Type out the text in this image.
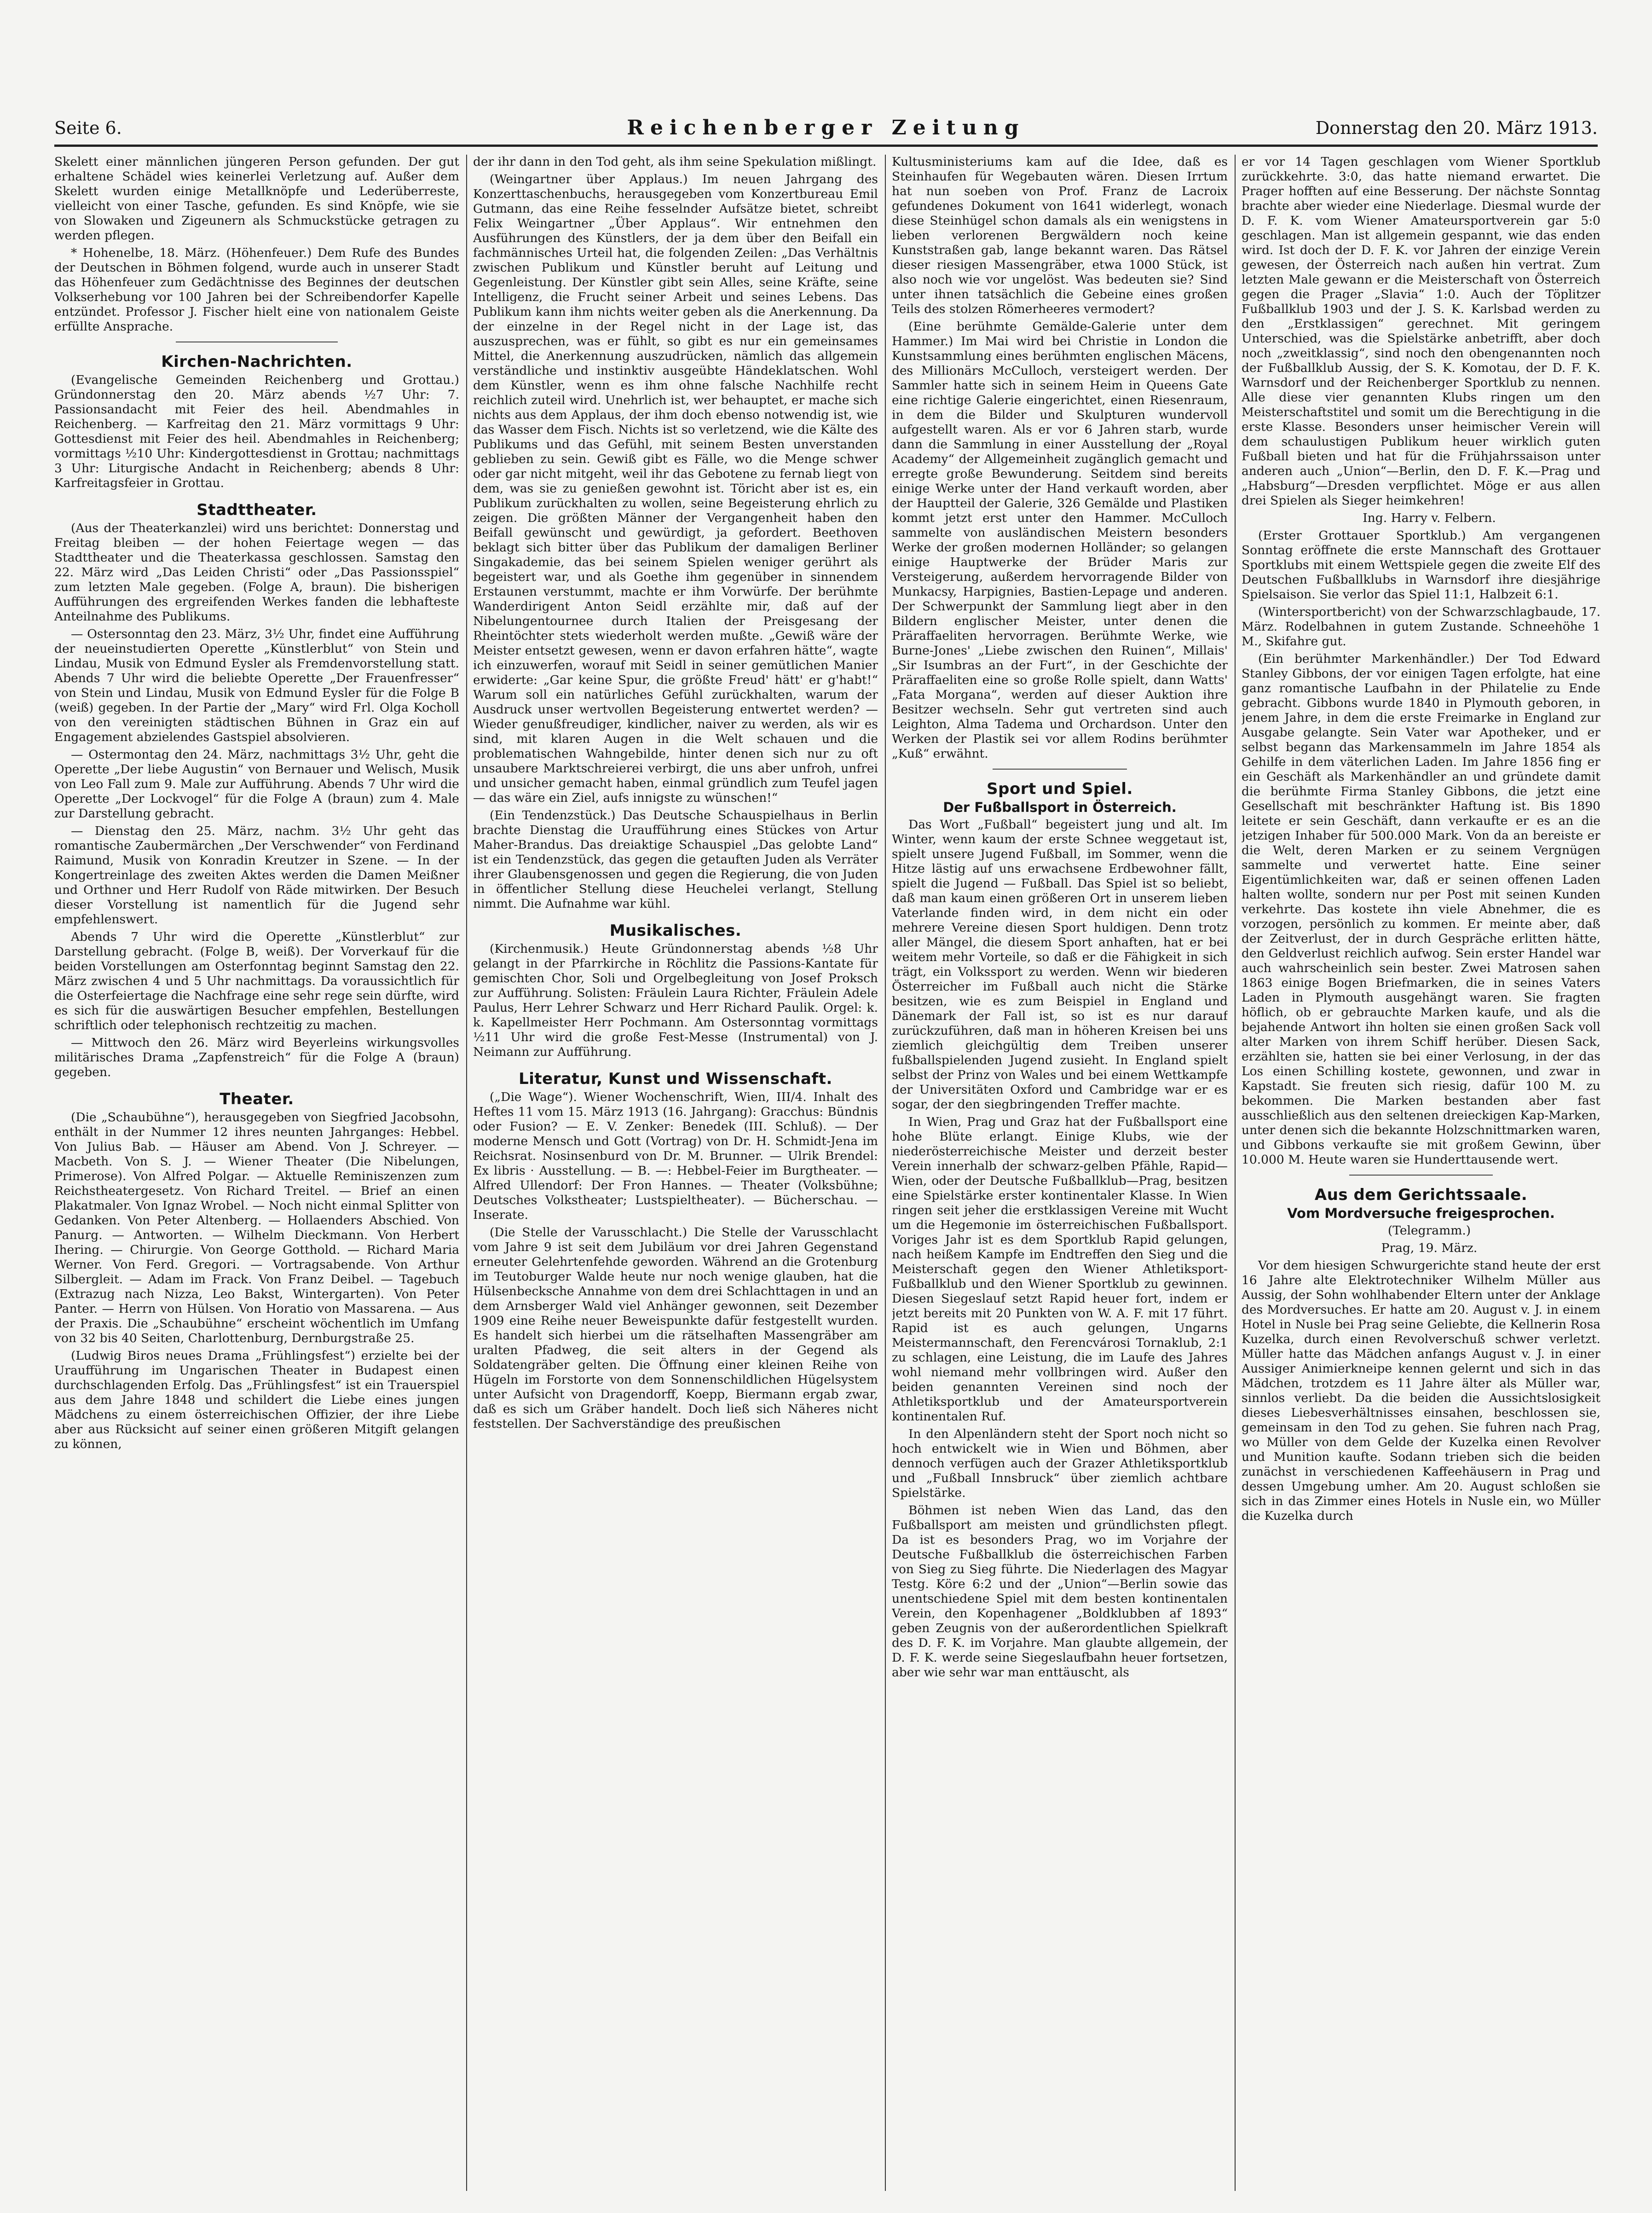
Seite 6.	Reichenberger Zeitung	Donnerstag den 20. März 1913.

Skelett einer männlichen jüngeren Person gefunden. Der gut erhaltene Schädel wies keinerlei Verletzung auf. Außer dem Skelett wurden einige Metallknöpfe und Lederüberreste, vielleicht von einer Tasche, gefunden. Es sind Knöpfe, wie sie von Slowaken und Zigeunern als Schmuckstücke getragen zu werden pflegen.

* Hohenelbe, 18. März. (Höhenfeuer.) Dem Rufe des Bundes der Deutschen in Böhmen folgend, wurde auch in unserer Stadt das Höhenfeuer zum Gedächtnisse des Beginnes der deutschen Volkserhebung vor 100 Jahren bei der Schreibendorfer Kapelle entzündet. Professor J. Fischer hielt eine von nationalem Geiste erfüllte Ansprache.

Kirchen-Nachrichten.

(Evangelische Gemeinden Reichenberg und Grottau.) Gründonnerstag den 20. März abends ½7 Uhr: 7. Passionsandacht mit Feier des heil. Abendmahles in Reichenberg. — Karfreitag den 21. März vormittags 9 Uhr: Gottesdienst mit Feier des heil. Abendmahles in Reichenberg; vormittags ½10 Uhr: Kindergottesdienst in Grottau; nachmittags 3 Uhr: Liturgische Andacht in Reichenberg; abends 8 Uhr: Karfreitagsfeier in Grottau.

Stadttheater.

(Aus der Theaterkanzlei) wird uns berichtet: Donnerstag und Freitag bleiben — der hohen Feiertage wegen — das Stadttheater und die Theaterkassa geschlossen. Samstag den 22. März wird „Das Leiden Christi“ oder „Das Passionsspiel“ zum letzten Male gegeben. (Folge A, braun). Die bisherigen Aufführungen des ergreifenden Werkes fanden die lebhafteste Anteilnahme des Publikums.

— Ostersonntag den 23. März, 3½ Uhr, findet eine Aufführung der neueinstudierten Operette „Künstlerblut“ von Stein und Lindau, Musik von Edmund Eysler als Fremdenvorstellung statt. Abends 7 Uhr wird die beliebte Operette „Der Frauenfresser“ von Stein und Lindau, Musik von Edmund Eysler für die Folge B (weiß) gegeben. In der Partie der „Mary“ wird Frl. Olga Kocholl von den vereinigten städtischen Bühnen in Graz ein auf Engagement abzielendes Gastspiel absolvieren.

— Ostermontag den 24. März, nachmittags 3½ Uhr, geht die Operette „Der liebe Augustin“ von Bernauer und Welisch, Musik von Leo Fall zum 9. Male zur Aufführung. Abends 7 Uhr wird die Operette „Der Lockvogel“ für die Folge A (braun) zum 4. Male zur Darstellung gebracht.

— Dienstag den 25. März, nachm. 3½ Uhr geht das romantische Zaubermärchen „Der Verschwender“ von Ferdinand Raimund, Musik von Konradin Kreutzer in Szene. — In der Kongertreinlage des zweiten Aktes werden die Damen Meißner und Orthner und Herr Rudolf von Räde mitwirken. Der Besuch dieser Vorstellung ist namentlich für die Jugend sehr empfehlenswert.

Abends 7 Uhr wird die Operette „Künstlerblut“ zur Darstellung gebracht. (Folge B, weiß). Der Vorverkauf für die beiden Vorstellungen am Osterfonntag beginnt Samstag den 22. März zwischen 4 und 5 Uhr nachmittags. Da voraussichtlich für die Osterfeiertage die Nachfrage eine sehr rege sein dürfte, wird es sich für die auswärtigen Besucher empfehlen, Bestellungen schriftlich oder telephonisch rechtzeitig zu machen.

— Mittwoch den 26. März wird Beyerleins wirkungsvolles militärisches Drama „Zapfenstreich“ für die Folge A (braun) gegeben.

Theater.

(Die „Schaubühne“), herausgegeben von Siegfried Jacobsohn, enthält in der Nummer 12 ihres neunten Jahrganges: Hebbel. Von Julius Bab. — Häuser am Abend. Von J. Schreyer. — Macbeth. Von S. J. — Wiener Theater (Die Nibelungen, Primerose). Von Alfred Polgar. — Aktuelle Reminiszenzen zum Reichstheatergesetz. Von Richard Treitel. — Brief an einen Plakatmaler. Von Ignaz Wrobel. — Noch nicht einmal Splitter von Gedanken. Von Peter Altenberg. — Hollaenders Abschied. Von Panurg. — Antworten. — Wilhelm Dieckmann. Von Herbert Ihering. — Chirurgie. Von George Gotthold. — Richard Maria Werner. Von Ferd. Gregori. — Vortragsabende. Von Arthur Silbergleit. — Adam im Frack. Von Franz Deibel. — Tagebuch (Extrazug nach Nizza, Leo Bakst, Wintergarten). Von Peter Panter. — Herrn von Hülsen. Von Horatio von Massarena. — Aus der Praxis. Die „Schaubühne“ erscheint wöchentlich im Umfang von 32 bis 40 Seiten, Charlottenburg, Dernburgstraße 25.

(Ludwig Biros neues Drama „Frühlingsfest“) erzielte bei der Uraufführung im Ungarischen Theater in Budapest einen durchschlagenden Erfolg. Das „Frühlingsfest“ ist ein Trauerspiel aus dem Jahre 1848 und schildert die Liebe eines jungen Mädchens zu einem österreichischen Offizier, der ihre Liebe aber aus Rücksicht auf seiner einen größeren Mitgift gelangen zu können,

der ihr dann in den Tod geht, als ihm seine Spekulation mißlingt.

(Weingartner über Applaus.) Im neuen Jahrgang des Konzerttaschenbuchs, herausgegeben vom Konzertbureau Emil Gutmann, das eine Reihe fesselnder Aufsätze bietet, schreibt Felix Weingartner „Über Applaus“. Wir entnehmen den Ausführungen des Künstlers, der ja dem über den Beifall ein fachmännisches Urteil hat, die folgenden Zeilen: „Das Verhältnis zwischen Publikum und Künstler beruht auf Leitung und Gegenleistung. Der Künstler gibt sein Alles, seine Kräfte, seine Intelligenz, die Frucht seiner Arbeit und seines Lebens. Das Publikum kann ihm nichts weiter geben als die Anerkennung. Da der einzelne in der Regel nicht in der Lage ist, das auszusprechen, was er fühlt, so gibt es nur ein gemeinsames Mittel, die Anerkennung auszudrücken, nämlich das allgemein verständliche und instinktiv ausgeübte Händeklatschen. Wohl dem Künstler, wenn es ihm ohne falsche Nachhilfe recht reichlich zuteil wird. Unehrlich ist, wer behauptet, er mache sich nichts aus dem Applaus, der ihm doch ebenso notwendig ist, wie das Wasser dem Fisch. Nichts ist so verletzend, wie die Kälte des Publikums und das Gefühl, mit seinem Besten unverstanden geblieben zu sein. Gewiß gibt es Fälle, wo die Menge schwer oder gar nicht mitgeht, weil ihr das Gebotene zu fernab liegt von dem, was sie zu genießen gewohnt ist. Töricht aber ist es, ein Publikum zurückhalten zu wollen, seine Begeisterung ehrlich zu zeigen. Die größten Männer der Vergangenheit haben den Beifall gewünscht und gewürdigt, ja gefordert. Beethoven beklagt sich bitter über das Publikum der damaligen Berliner Singakademie, das bei seinem Spielen weniger gerührt als begeistert war, und als Goethe ihm gegenüber in sinnendem Erstaunen verstummt, machte er ihm Vorwürfe. Der berühmte Wanderdirigent Anton Seidl erzählte mir, daß auf der Nibelungentournee durch Italien der Preisgesang der Rheintöchter stets wiederholt werden mußte. „Gewiß wäre der Meister entsetzt gewesen, wenn er davon erfahren hätte“, wagte ich einzuwerfen, worauf mit Seidl in seiner gemütlichen Manier erwiderte: „Gar keine Spur, die größte Freud' hätt' er g'habt!“ Warum soll ein natürliches Gefühl zurückhalten, warum der Ausdruck unser wertvollen Begeisterung entwertet werden? — Wieder genußfreudiger, kindlicher, naiver zu werden, als wir es sind, mit klaren Augen in die Welt schauen und die problematischen Wahngebilde, hinter denen sich nur zu oft unsaubere Marktschreierei verbirgt, die uns aber unfroh, unfrei und unsicher gemacht haben, einmal gründlich zum Teufel jagen — das wäre ein Ziel, aufs innigste zu wünschen!“

(Ein Tendenzstück.) Das Deutsche Schauspielhaus in Berlin brachte Dienstag die Uraufführung eines Stückes von Artur Maher-Brandus. Das dreiaktige Schauspiel „Das gelobte Land“ ist ein Tendenzstück, das gegen die getauften Juden als Verräter ihrer Glaubensgenossen und gegen die Regierung, die von Juden in öffentlicher Stellung diese Heuchelei verlangt, Stellung nimmt. Die Aufnahme war kühl.

Musikalisches.

(Kirchenmusik.) Heute Gründonnerstag abends ½8 Uhr gelangt in der Pfarrkirche in Röchlitz die Passions-Kantate für gemischten Chor, Soli und Orgelbegleitung von Josef Proksch zur Aufführung. Solisten: Fräulein Laura Richter, Fräulein Adele Paulus, Herr Lehrer Schwarz und Herr Richard Paulik. Orgel: k. k. Kapellmeister Herr Pochmann. Am Ostersonntag vormittags ½11 Uhr wird die große Fest-Messe (Instrumental) von J. Neimann zur Aufführung.

Literatur, Kunst und Wissenschaft.

(„Die Wage“). Wiener Wochenschrift, Wien, III/4. Inhalt des Heftes 11 vom 15. März 1913 (16. Jahrgang): Gracchus: Bündnis oder Fusion? — E. V. Zenker: Benedek (III. Schluß). — Der moderne Mensch und Gott (Vortrag) von Dr. H. Schmidt-Jena im Reichsrat. Nosinsenburd von Dr. M. Brunner. — Ulrik Brendel: Ex libris · Ausstellung. — B. —: Hebbel-Feier im Burgtheater. — Alfred Ullendorf: Der Fron Hannes. — Theater (Volksbühne; Deutsches Volkstheater; Lustspieltheater). — Bücherschau. — Inserate.

(Die Stelle der Varusschlacht.) Die Stelle der Varusschlacht vom Jahre 9 ist seit dem Jubiläum vor drei Jahren Gegenstand erneuter Gelehrtenfehde geworden. Während an die Grotenburg im Teutoburger Walde heute nur noch wenige glauben, hat die Hülsenbecksche Annahme von dem drei Schlachttagen in und an dem Arnsberger Wald viel Anhänger gewonnen, seit Dezember 1909 eine Reihe neuer Beweispunkte dafür festgestellt wurden. Es handelt sich hierbei um die rätselhaften Massengräber am uralten Pfadweg, die seit alters in der Gegend als Soldatengräber gelten. Die Öffnung einer kleinen Reihe von Hügeln im Forstorte von dem Sonnenschildlichen Hügelsystem unter Aufsicht von Dragendorff, Koepp, Biermann ergab zwar, daß es sich um Gräber handelt. Doch ließ sich Näheres nicht feststellen. Der Sachverständige des preußischen

Kultusministeriums kam auf die Idee, daß es Steinhaufen für Wegebauten wären. Diesen Irrtum hat nun soeben von Prof. Franz de Lacroix gefundenes Dokument von 1641 widerlegt, wonach diese Steinhügel schon damals als ein wenigstens in lieben verlorenen Bergwäldern noch keine Kunststraßen gab, lange bekannt waren. Das Rätsel dieser riesigen Massengräber, etwa 1000 Stück, ist also noch wie vor ungelöst. Was bedeuten sie? Sind unter ihnen tatsächlich die Gebeine eines großen Teils des stolzen Römerheeres vermodert?

(Eine berühmte Gemälde-Galerie unter dem Hammer.) Im Mai wird bei Christie in London die Kunstsammlung eines berühmten englischen Mäcens, des Millionärs McCulloch, versteigert werden. Der Sammler hatte sich in seinem Heim in Queens Gate eine richtige Galerie eingerichtet, einen Riesenraum, in dem die Bilder und Skulpturen wundervoll aufgestellt waren. Als er vor 6 Jahren starb, wurde dann die Sammlung in einer Ausstellung der „Royal Academy“ der Allgemeinheit zugänglich gemacht und erregte große Bewunderung. Seitdem sind bereits einige Werke unter der Hand verkauft worden, aber der Hauptteil der Galerie, 326 Gemälde und Plastiken kommt jetzt erst unter den Hammer. McCulloch sammelte von ausländischen Meistern besonders Werke der großen modernen Holländer; so gelangen einige Hauptwerke der Brüder Maris zur Versteigerung, außerdem hervorragende Bilder von Munkacsy, Harpignies, Bastien-Lepage und anderen. Der Schwerpunkt der Sammlung liegt aber in den Bildern englischer Meister, unter denen die Präraffaeliten hervorragen. Berühmte Werke, wie Burne-Jones' „Liebe zwischen den Ruinen“, Millais' „Sir Isumbras an der Furt“, in der Geschichte der Präraffaeliten eine so große Rolle spielt, dann Watts' „Fata Morgana“, werden auf dieser Auktion ihre Besitzer wechseln. Sehr gut vertreten sind auch Leighton, Alma Tadema und Orchardson. Unter den Werken der Plastik sei vor allem Rodins berühmter „Kuß“ erwähnt.

Sport und Spiel.
Der Fußballsport in Österreich.

Das Wort „Fußball“ begeistert jung und alt. Im Winter, wenn kaum der erste Schnee weggetaut ist, spielt unsere Jugend Fußball, im Sommer, wenn die Hitze lästig auf uns erwachsene Erdbewohner fällt, spielt die Jugend — Fußball. Das Spiel ist so beliebt, daß man kaum einen größeren Ort in unserem lieben Vaterlande finden wird, in dem nicht ein oder mehrere Vereine diesen Sport huldigen. Denn trotz aller Mängel, die diesem Sport anhaften, hat er bei weitem mehr Vorteile, so daß er die Fähigkeit in sich trägt, ein Volkssport zu werden. Wenn wir biederen Österreicher im Fußball auch nicht die Stärke besitzen, wie es zum Beispiel in England und Dänemark der Fall ist, so ist es nur darauf zurückzuführen, daß man in höheren Kreisen bei uns ziemlich gleichgültig dem Treiben unserer fußballspielenden Jugend zusieht. In England spielt selbst der Prinz von Wales und bei einem Wettkampfe der Universitäten Oxford und Cambridge war er es sogar, der den siegbringenden Treffer machte.

In Wien, Prag und Graz hat der Fußballsport eine hohe Blüte erlangt. Einige Klubs, wie der niederösterreichische Meister und derzeit bester Verein innerhalb der schwarz-gelben Pfähle, Rapid—Wien, oder der Deutsche Fußballklub—Prag, besitzen eine Spielstärke erster kontinentaler Klasse. In Wien ringen seit jeher die erstklassigen Vereine mit Wucht um die Hegemonie im österreichischen Fußballsport. Voriges Jahr ist es dem Sportklub Rapid gelungen, nach heißem Kampfe im Endtreffen den Sieg und die Meisterschaft gegen den Wiener Athletiksport-Fußballklub und den Wiener Sportklub zu gewinnen. Diesen Siegeslauf setzt Rapid heuer fort, indem er jetzt bereits mit 20 Punkten von W. A. F. mit 17 führt. Rapid ist es auch gelungen, Ungarns Meistermannschaft, den Ferencvárosi Tornaklub, 2:1 zu schlagen, eine Leistung, die im Laufe des Jahres wohl niemand mehr vollbringen wird. Außer den beiden genannten Vereinen sind noch der Athletiksportklub und der Amateursportverein kontinentalen Ruf.

In den Alpenländern steht der Sport noch nicht so hoch entwickelt wie in Wien und Böhmen, aber dennoch verfügen auch der Grazer Athletiksportklub und „Fußball Innsbruck“ über ziemlich achtbare Spielstärke.

Böhmen ist neben Wien das Land, das den Fußballsport am meisten und gründlichsten pflegt. Da ist es besonders Prag, wo im Vorjahre der Deutsche Fußballklub die österreichischen Farben von Sieg zu Sieg führte. Die Niederlagen des Magyar Testg. Köre 6:2 und der „Union“—Berlin sowie das unentschiedene Spiel mit dem besten kontinentalen Verein, den Kopenhagener „Boldklubben af 1893“ geben Zeugnis von der außerordentlichen Spielkraft des D. F. K. im Vorjahre. Man glaubte allgemein, der D. F. K. werde seine Siegeslaufbahn heuer fortsetzen, aber wie sehr war man enttäuscht, als

er vor 14 Tagen geschlagen vom Wiener Sportklub zurückkehrte. 3:0, das hatte niemand erwartet. Die Prager hofften auf eine Besserung. Der nächste Sonntag brachte aber wieder eine Niederlage. Diesmal wurde der D. F. K. vom Wiener Amateursportverein gar 5:0 geschlagen. Man ist allgemein gespannt, wie das enden wird. Ist doch der D. F. K. vor Jahren der einzige Verein gewesen, der Österreich nach außen hin vertrat. Zum letzten Male gewann er die Meisterschaft von Österreich gegen die Prager „Slavia“ 1:0. Auch der Töplitzer Fußballklub 1903 und der J. S. K. Karlsbad werden zu den „Erstklassigen“ gerechnet. Mit geringem Unterschied, was die Spielstärke anbetrifft, aber doch noch „zweitklassig“, sind noch den obengenannten noch der Fußballklub Aussig, der S. K. Komotau, der D. F. K. Warnsdorf und der Reichenberger Sportklub zu nennen. Alle diese vier genannten Klubs ringen um den Meisterschaftstitel und somit um die Berechtigung in die erste Klasse. Besonders unser heimischer Verein will dem schaulustigen Publikum heuer wirklich guten Fußball bieten und hat für die Frühjahrssaison unter anderen auch „Union“—Berlin, den D. F. K.—Prag und „Habsburg“—Dresden verpflichtet. Möge er aus allen drei Spielen als Sieger heimkehren!

Ing. Harry v. Felbern.

(Erster Grottauer Sportklub.) Am vergangenen Sonntag eröffnete die erste Mannschaft des Grottauer Sportklubs mit einem Wettspiele gegen die zweite Elf des Deutschen Fußballklubs in Warnsdorf ihre diesjährige Spielsaison. Sie verlor das Spiel 11:1, Halbzeit 6:1.

(Wintersportbericht) von der Schwarzschlagbaude, 17. März. Rodelbahnen in gutem Zustande. Schneehöhe 1 M., Skifahre gut.

(Ein berühmter Markenhändler.) Der Tod Edward Stanley Gibbons, der vor einigen Tagen erfolgte, hat eine ganz romantische Laufbahn in der Philatelie zu Ende gebracht. Gibbons wurde 1840 in Plymouth geboren, in jenem Jahre, in dem die erste Freimarke in England zur Ausgabe gelangte. Sein Vater war Apotheker, und er selbst begann das Markensammeln im Jahre 1854 als Gehilfe in dem väterlichen Laden. Im Jahre 1856 fing er ein Geschäft als Markenhändler an und gründete damit die berühmte Firma Stanley Gibbons, die jetzt eine Gesellschaft mit beschränkter Haftung ist. Bis 1890 leitete er sein Geschäft, dann verkaufte er es an die jetzigen Inhaber für 500.000 Mark. Von da an bereiste er die Welt, deren Marken er zu seinem Vergnügen sammelte und verwertet hatte. Eine seiner Eigentümlichkeiten war, daß er seinen offenen Laden halten wollte, sondern nur per Post mit seinen Kunden verkehrte. Das kostete ihn viele Abnehmer, die es vorzogen, persönlich zu kommen. Er meinte aber, daß der Zeitverlust, der in durch Gespräche erlitten hätte, den Geldverlust reichlich aufwog. Sein erster Handel war auch wahrscheinlich sein bester. Zwei Matrosen sahen 1863 einige Bogen Briefmarken, die in seines Vaters Laden in Plymouth ausgehängt waren. Sie fragten höflich, ob er gebrauchte Marken kaufe, und als die bejahende Antwort ihn holten sie einen großen Sack voll alter Marken von ihrem Schiff herüber. Diesen Sack, erzählten sie, hatten sie bei einer Verlosung, in der das Los einen Schilling kostete, gewonnen, und zwar in Kapstadt. Sie freuten sich riesig, dafür 100 M. zu bekommen. Die Marken bestanden aber fast ausschließlich aus den seltenen dreieckigen Kap-Marken, unter denen sich die bekannte Holzschnittmarken waren, und Gibbons verkaufte sie mit großem Gewinn, über 10.000 M. Heute waren sie Hunderttausende wert.

Aus dem Gerichtssaale.
Vom Mordversuche freigesprochen.

(Telegramm.)

Prag, 19. März.

Vor dem hiesigen Schwurgerichte stand heute der erst 16 Jahre alte Elektrotechniker Wilhelm Müller aus Aussig, der Sohn wohlhabender Eltern unter der Anklage des Mordversuches. Er hatte am 20. August v. J. in einem Hotel in Nusle bei Prag seine Geliebte, die Kellnerin Rosa Kuzelka, durch einen Revolverschuß schwer verletzt. Müller hatte das Mädchen anfangs August v. J. in einer Aussiger Animierkneipe kennen gelernt und sich in das Mädchen, trotzdem es 11 Jahre älter als Müller war, sinnlos verliebt. Da die beiden die Aussichtslosigkeit dieses Liebesverhältnisses einsahen, beschlossen sie, gemeinsam in den Tod zu gehen. Sie fuhren nach Prag, wo Müller von dem Gelde der Kuzelka einen Revolver und Munition kaufte. Sodann trieben sich die beiden zunächst in verschiedenen Kaffeehäusern in Prag und dessen Umgebung umher. Am 20. August schloßen sie sich in das Zimmer eines Hotels in Nusle ein, wo Müller die Kuzelka durch
